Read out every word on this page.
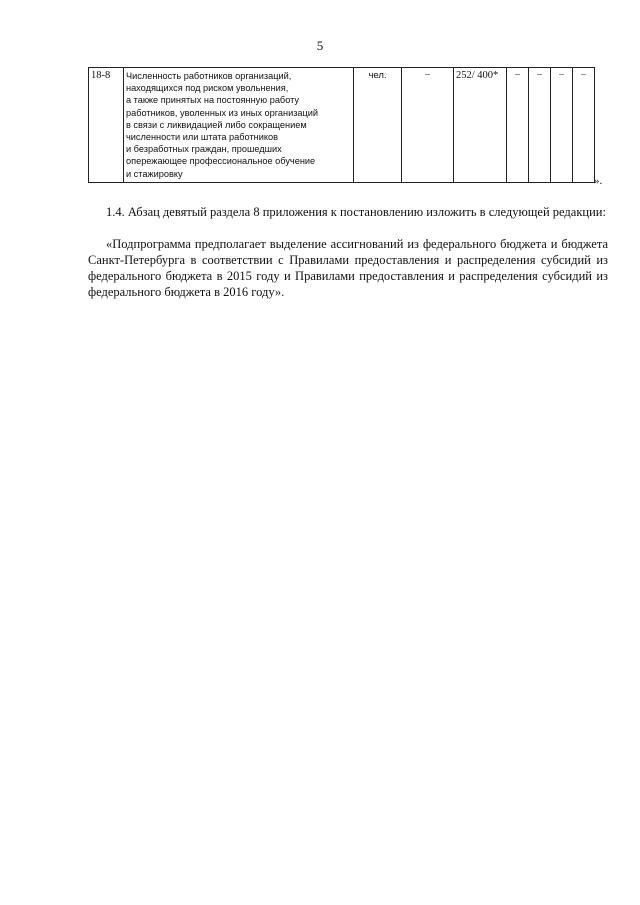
5
18-8	Численность работников организаций,
находящихся под риском увольнения,
а также принятых на постоянную работу
работников, уволенных из иных организаций
в связи с ликвидацией либо сокращением
численности или штата работников
и безработных граждан, прошедших
опережающее профессиональное обучение
и стажировку
	чел.	–	252/ 400*	–	–	–	–
».
1.4. Абзац девятый раздела 8 приложения к постановлению изложить в следующей редакции:
«Подпрограмма предполагает выделение ассигнований из федерального бюджета и бюджета Санкт-Петербурга в соответствии с Правилами предоставления и распределения субсидий из федерального бюджета в 2015 году и Правилами предоставления и распределения субсидий из федерального бюджета в 2016 году».
